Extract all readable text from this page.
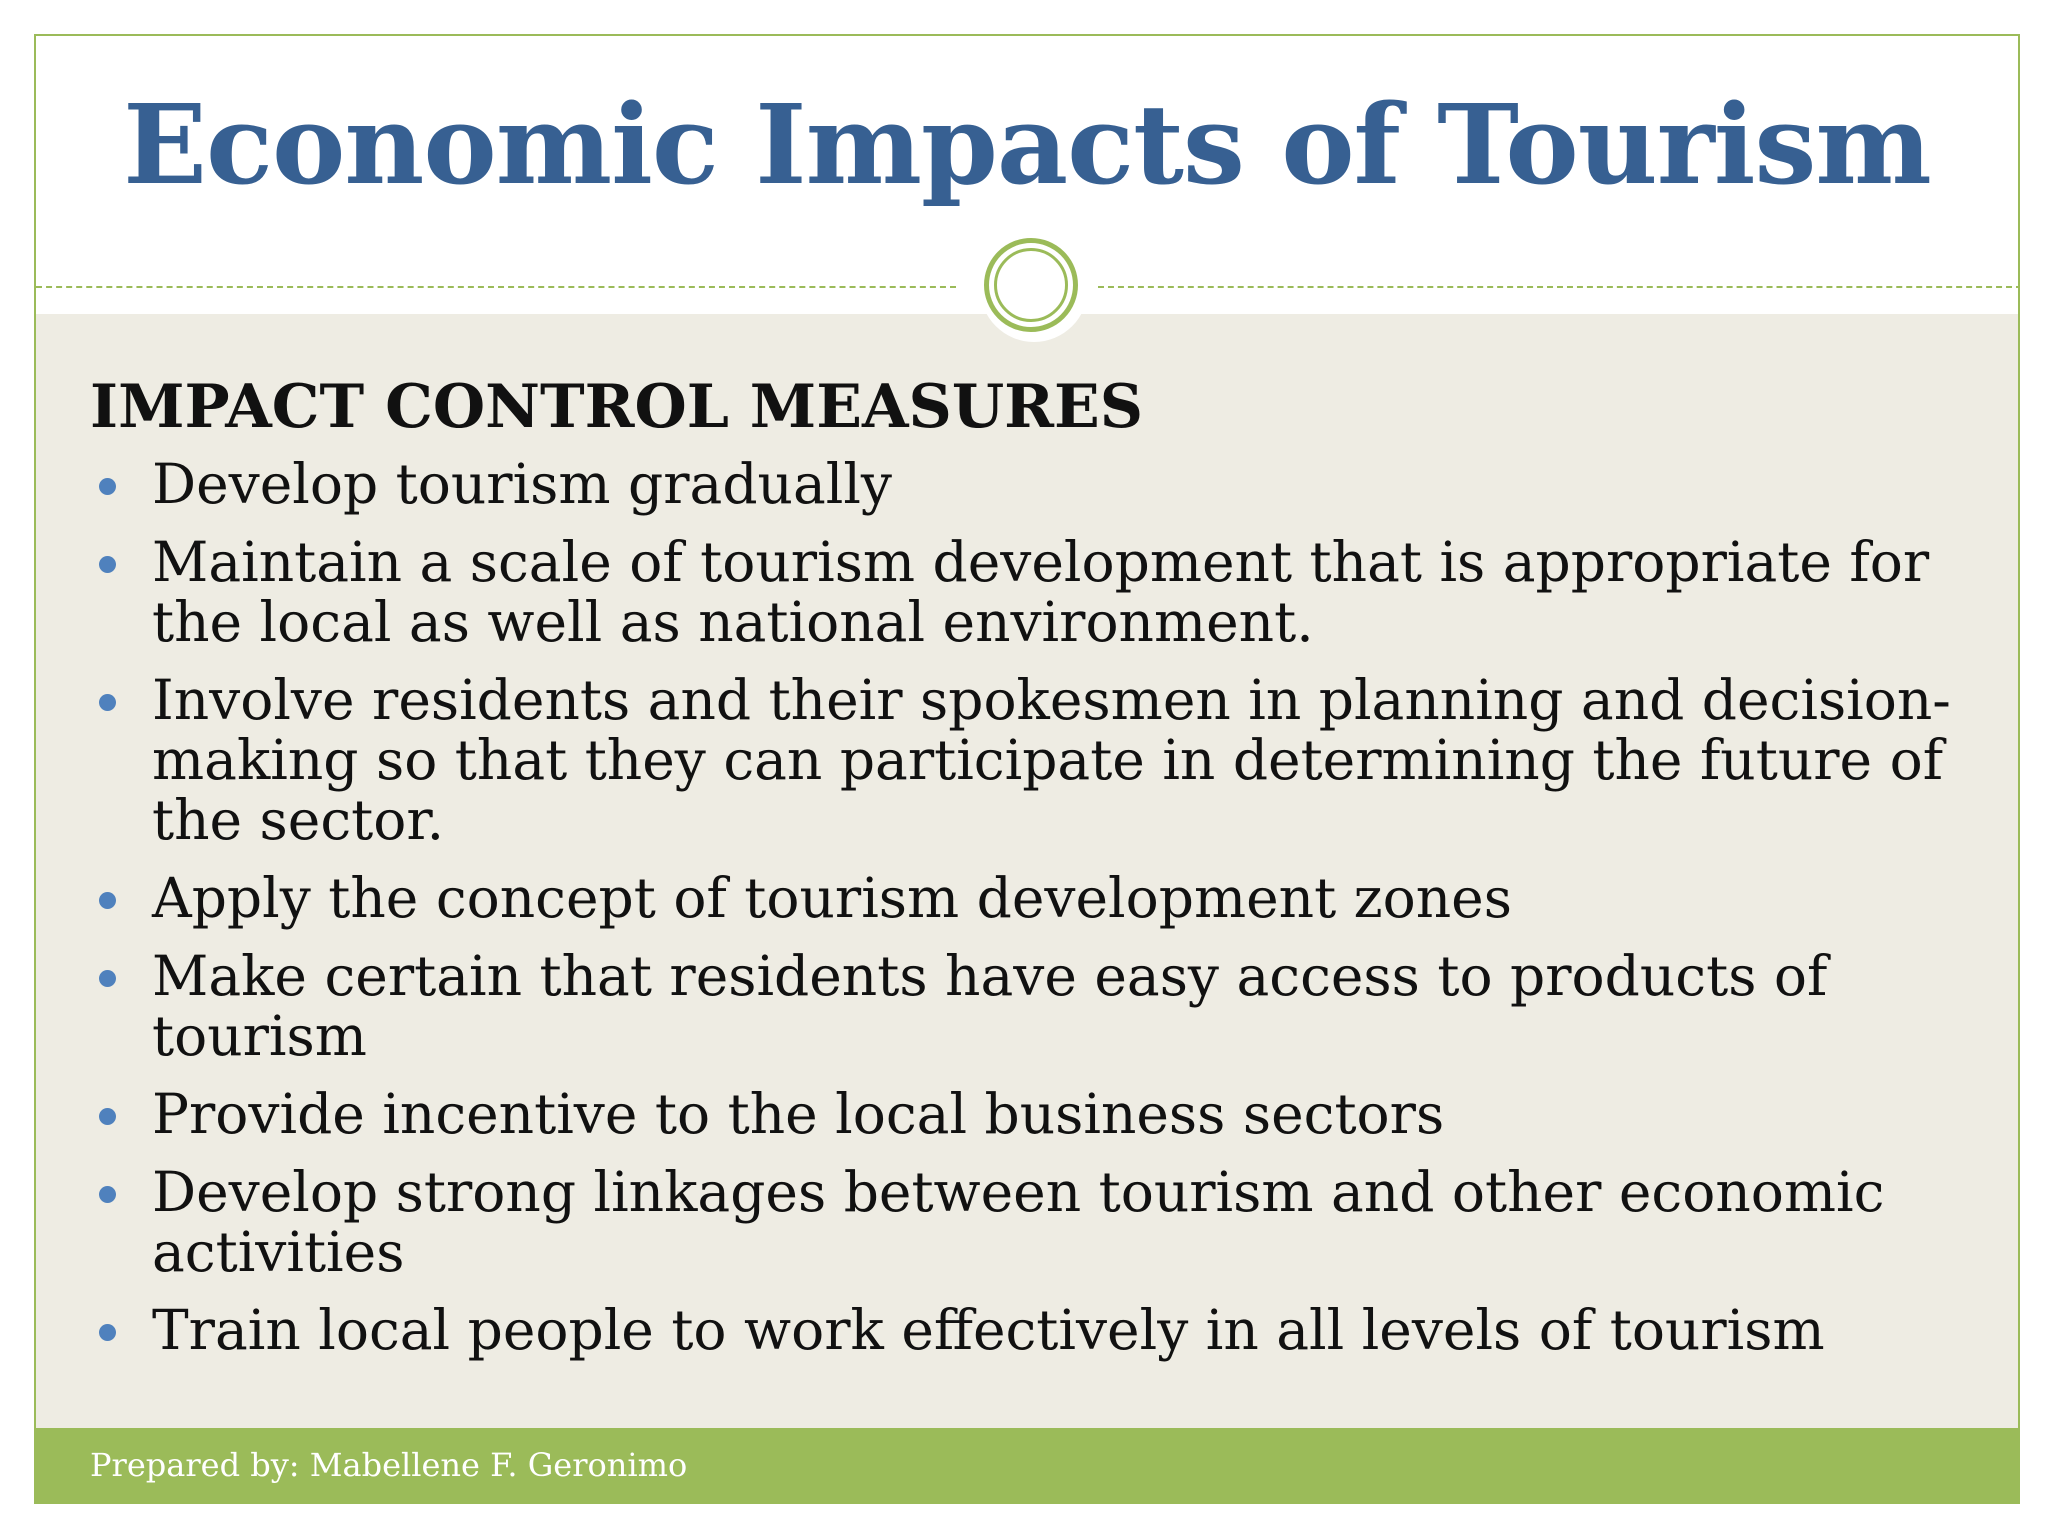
Economic Impacts of Tourism
IMPACT CONTROL MEASURES
Develop tourism gradually
Maintain a scale of tourism development that is appropriate for the local as well as national environment.
Involve residents and their spokesmen in planning and decision-making so that they can participate in determining the future of the sector.
Apply the concept of tourism development zones
Make certain that residents have easy access to products of tourism
Provide incentive to the local business sectors
Develop strong linkages between tourism and other economic activities
Train local people to work effectively in all levels of tourism
Prepared by: Mabellene F. Geronimo
